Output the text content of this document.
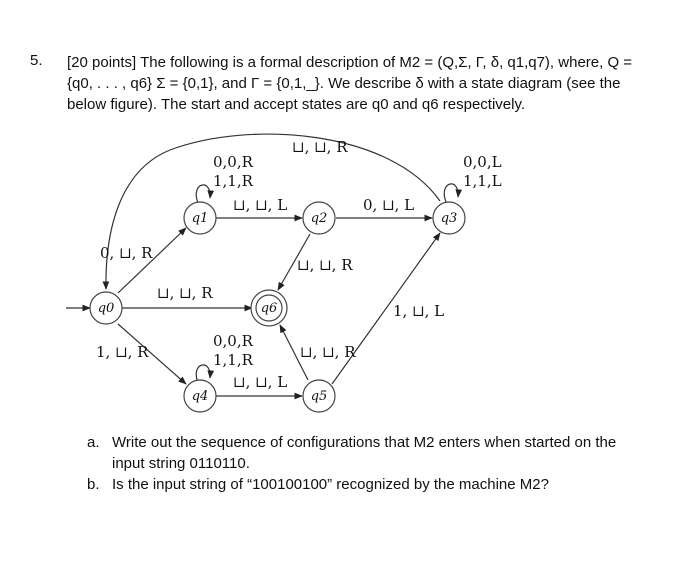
5. [20 points] The following is a formal description of M2 = (Q,Σ, Γ, δ, q1,q7), where, Q =
{q0, . . . , q6} Σ = {0,1}, and Γ = {0,1,_}. We describe δ with a state diagram (see the
below figure). The start and accept states are q0 and q6 respectively.
q0
q1	q2	q3
q4	q5
q6
0,0,R
1,1,R
⊔, ⊔, L	0, ⊔, L
0,0,L
1,1,L
⊔, ⊔, R
0, ⊔, R
⊔, ⊔, R
⊔, ⊔, R
1, ⊔, R
0,0,R
1,1,R
⊔, ⊔, L
⊔, ⊔, R
1, ⊔, L
a. Write out the sequence of configurations that M2 enters when started on the
input string 0110110.
b. Is the input string of “100100100” recognized by the machine M2?
